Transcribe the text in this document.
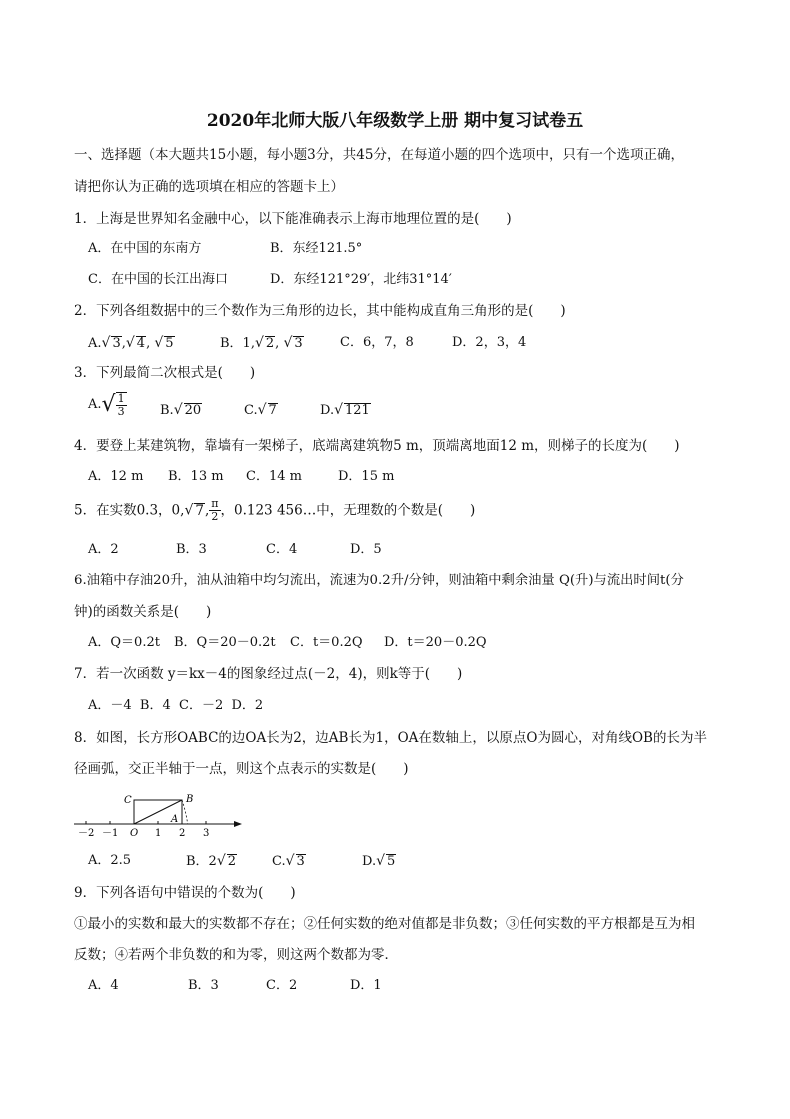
2020年北师大版八年级数学上册 期中复习试卷五
一、选择题（本大题共15小题，每小题3分，共45分，在每道小题的四个选项中，只有一个选项正确，
请把你认为正确的选项填在相应的答题卡上）
1．上海是世界知名金融中心，以下能准确表示上海市地理位置的是(　　)
A．在中国的东南方	B．东经121.5°
C．在中国的长江出海口	D．东经121°29′，北纬31°14′
2．下列各组数据中的三个数作为三角形的边长，其中能构成直角三角形的是(　　)
A.√ 3,√ 4, √ 5	B．1,√ 2, √ 3	C．6，7，8	D．2，3，4
3．下列最简二次根式是(　　)
$A.√ \frac{1}{3}$	B.√ 20	C.√ 7	D.√ 121
4．要登上某建筑物，靠墙有一架梯子，底端离建筑物5 m，顶端离地面12 m，则梯子的长度为(　　)
A．12 m B．13 m C．14 m	D．15 m
5．在实数0.3，0,√ 7, $\frac{\pi}{2}$ ，0.123 456…中，无理数的个数是(　　)
A．2	B．3	C．4	D．5
6.油箱中存油20升，油从油箱中均匀流出，流速为0.2升/分钟，则油箱中剩余油量 Q(升)与流出时间t(分
钟)的函数关系是(　　)
A．Q＝0.2t B．Q＝20－0.2t C．t＝0.2Q D．t＝20－0.2Q
7．若一次函数 y＝kx－4的图象经过点(－2，4)，则k等于(　　)
A．－4  B．4  C．－2  D．2
8．如图，长方形OABC的边OA长为2，边AB长为1，OA在数轴上，以原点O为圆心，对角线OB的长为半
径画弧，交正半轴于一点，则这个点表示的实数是(　　)
－2 －1 O 1 2 3
C	B
A
A．2.5	B．2√ 2	C.√ 3	D.√ 5
9．下列各语句中错误的个数为(　　)
①最小的实数和最大的实数都不存在；②任何实数的绝对值都是非负数；③任何实数的平方根都是互为相
反数；④若两个非负数的和为零，则这两个数都为零．
A．4	B．3	C．2	D．1
